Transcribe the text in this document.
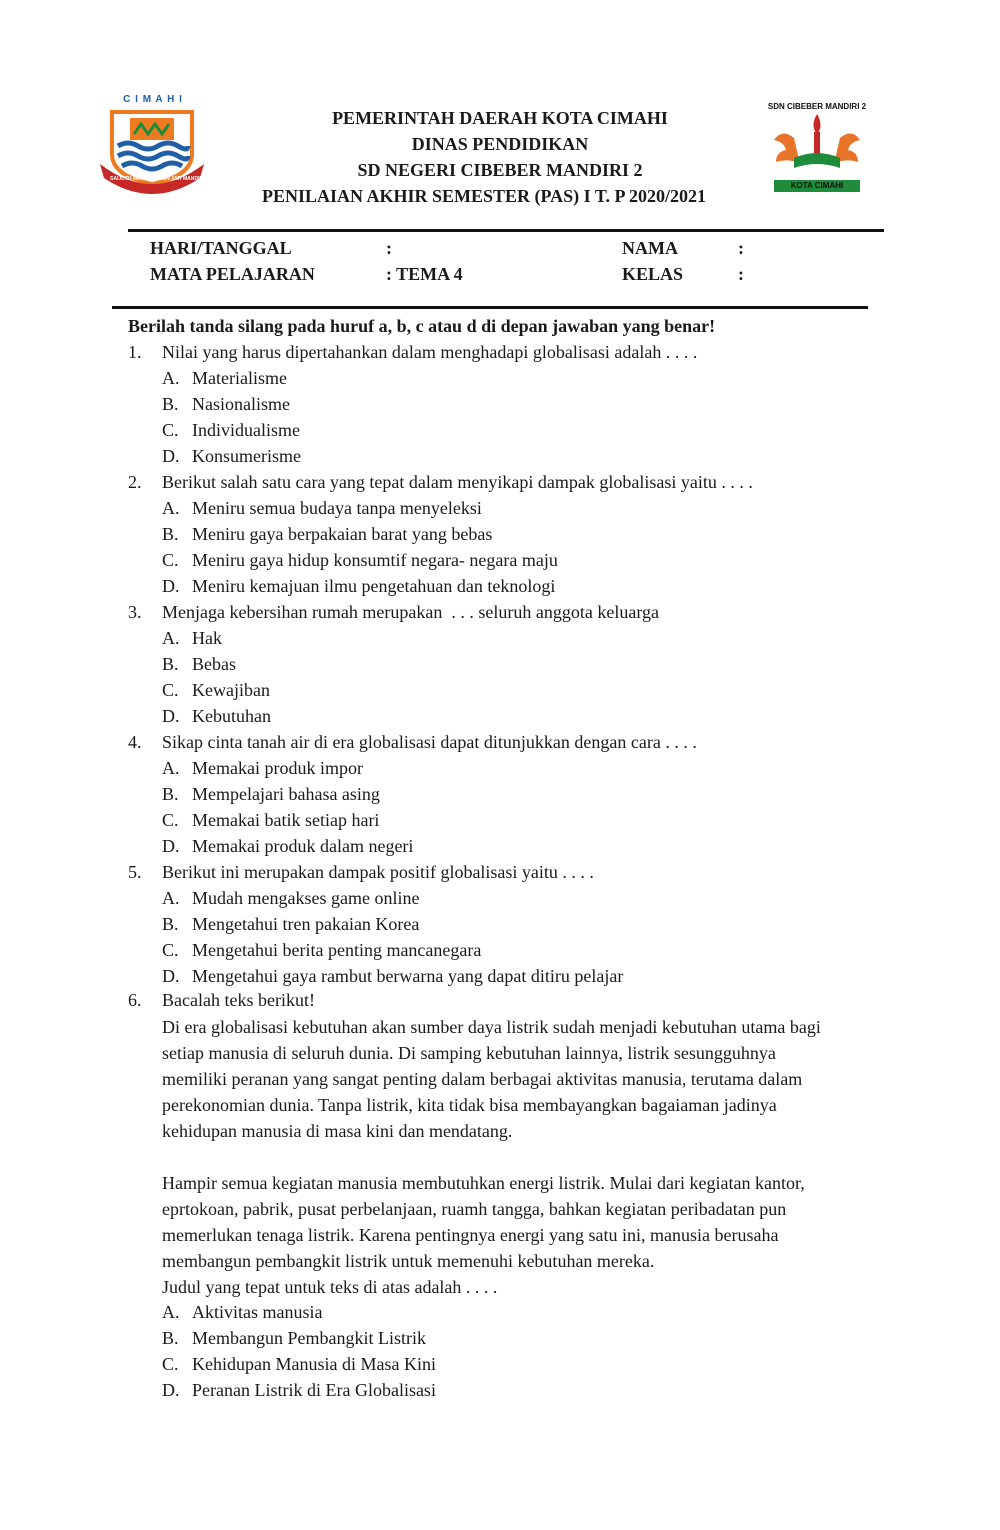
C I M A H I
SAIJUTU MUNI WANGUN JATI MANDIRI
SDN CIBEBER MANDIRI 2
KOTA CIMAHI
PEMERINTAH DAERAH KOTA CIMAHI
DINAS PENDIDIKAN
SD NEGERI CIBEBER MANDIRI 2
PENILAIAN AKHIR SEMESTER (PAS) I T. P 2020/2021
HARI/TANGGAL	:	NAMA	:
MATA PELAJARAN	: TEMA 4	KELAS	:
Berilah tanda silang pada huruf a, b, c atau d di depan jawaban yang benar!
1. Nilai yang harus dipertahankan dalam menghadapi globalisasi adalah . . . .
A. Materialisme
B. Nasionalisme
C. Individualisme
D. Konsumerisme
2. Berikut salah satu cara yang tepat dalam menyikapi dampak globalisasi yaitu . . . .
A. Meniru semua budaya tanpa menyeleksi
B. Meniru gaya berpakaian barat yang bebas
C. Meniru gaya hidup konsumtif negara- negara maju
D. Meniru kemajuan ilmu pengetahuan dan teknologi
3. Menjaga kebersihan rumah merupakan  . . . seluruh anggota keluarga
A. Hak
B. Bebas
C. Kewajiban
D. Kebutuhan
4. Sikap cinta tanah air di era globalisasi dapat ditunjukkan dengan cara . . . .
A. Memakai produk impor
B. Mempelajari bahasa asing
C. Memakai batik setiap hari
D. Memakai produk dalam negeri
5. Berikut ini merupakan dampak positif globalisasi yaitu . . . .
A. Mudah mengakses game online
B. Mengetahui tren pakaian Korea
C. Mengetahui berita penting mancanegara
D. Mengetahui gaya rambut berwarna yang dapat ditiru pelajar
6. Bacalah teks berikut!
Di era globalisasi kebutuhan akan sumber daya listrik sudah menjadi kebutuhan utama bagi
setiap manusia di seluruh dunia. Di samping kebutuhan lainnya, listrik sesungguhnya
memiliki peranan yang sangat penting dalam berbagai aktivitas manusia, terutama dalam
perekonomian dunia. Tanpa listrik, kita tidak bisa membayangkan bagaiaman jadinya
kehidupan manusia di masa kini dan mendatang.
Hampir semua kegiatan manusia membutuhkan energi listrik. Mulai dari kegiatan kantor,
eprtokoan, pabrik, pusat perbelanjaan, ruamh tangga, bahkan kegiatan peribadatan pun
memerlukan tenaga listrik. Karena pentingnya energi yang satu ini, manusia berusaha
membangun pembangkit listrik untuk memenuhi kebutuhan mereka.
Judul yang tepat untuk teks di atas adalah . . . .
A. Aktivitas manusia
B. Membangun Pembangkit Listrik
C. Kehidupan Manusia di Masa Kini
D. Peranan Listrik di Era Globalisasi
